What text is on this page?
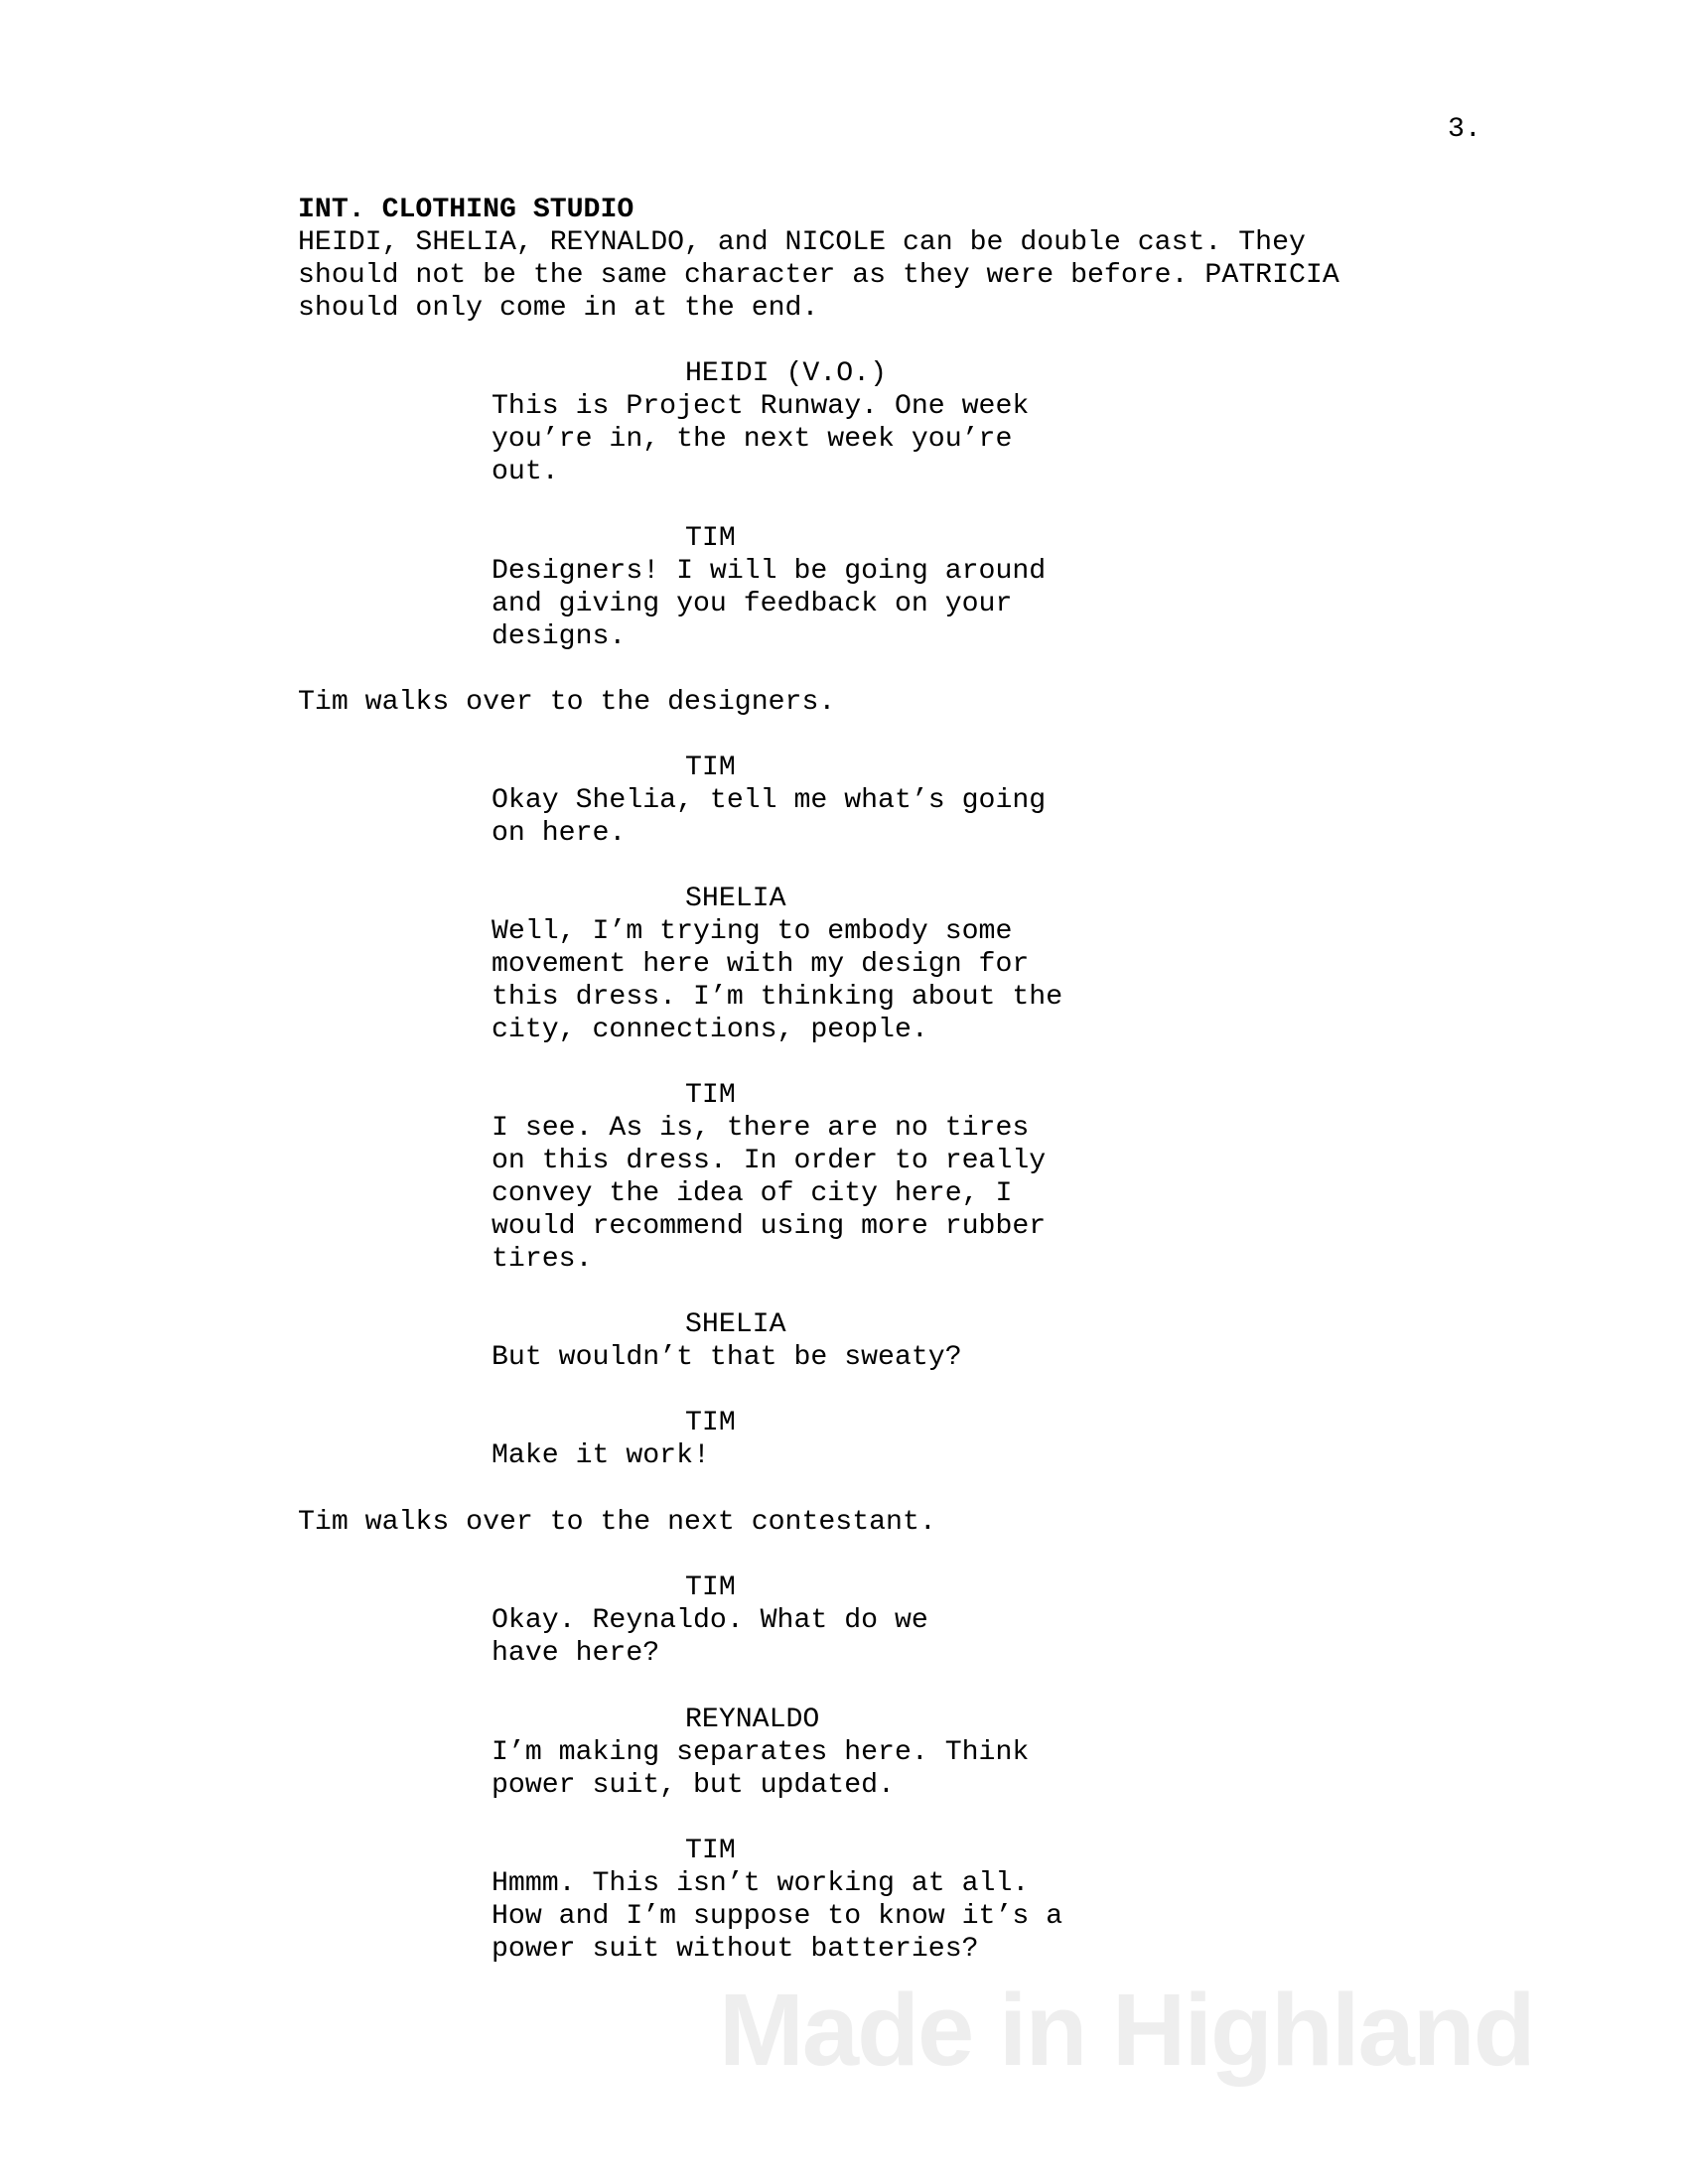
3.
INT. CLOTHING STUDIO
HEIDI, SHELIA, REYNALDO, and NICOLE can be double cast. They
should not be the same character as they were before. PATRICIA
should only come in at the end.
HEIDI (V.O.)
This is Project Runway. One week
you’re in, the next week you’re
out.
TIM
Designers! I will be going around
and giving you feedback on your
designs.
Tim walks over to the designers.
TIM
Okay Shelia, tell me what’s going
on here.
SHELIA
Well, I’m trying to embody some
movement here with my design for
this dress. I’m thinking about the
city, connections, people.
TIM
I see. As is, there are no tires
on this dress. In order to really
convey the idea of city here, I
would recommend using more rubber
tires.
SHELIA
But wouldn’t that be sweaty?
TIM
Make it work!
Tim walks over to the next contestant.
TIM
Okay. Reynaldo. What do we
have here?
REYNALDO
I’m making separates here. Think
power suit, but updated.
TIM
Hmmm. This isn’t working at all.
How and I’m suppose to know it’s a
power suit without batteries?
Made in Highland
